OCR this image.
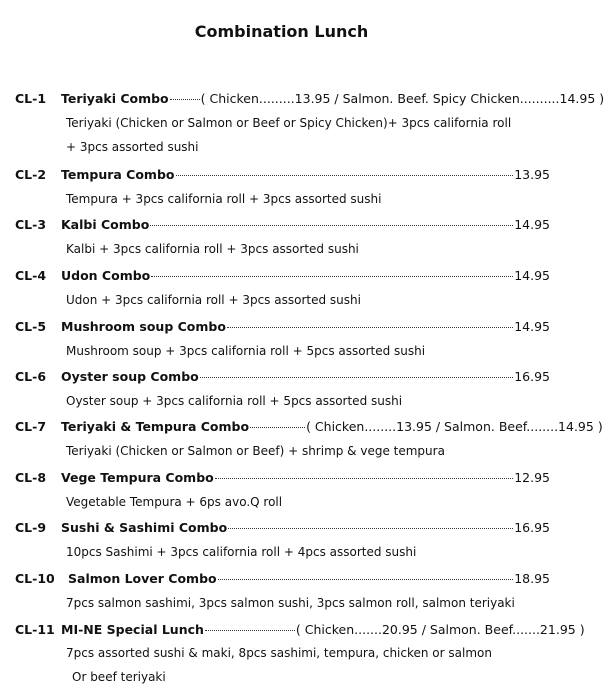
Combination Lunch
CL-1 Teriyaki Combo	( Chicken.........13.95 / Salmon. Beef. Spicy Chicken..........14.95 )
Teriyaki (Chicken or Salmon or Beef or Spicy Chicken)+ 3pcs california roll
+ 3pcs assorted sushi
CL-2 Tempura Combo	13.95
Tempura + 3pcs california roll + 3pcs assorted sushi
CL-3 Kalbi Combo	14.95
Kalbi + 3pcs california roll + 3pcs assorted sushi
CL-4 Udon Combo	14.95
Udon + 3pcs california roll + 3pcs assorted sushi
CL-5 Mushroom soup Combo	14.95
Mushroom soup + 3pcs california roll + 5pcs assorted sushi
CL-6 Oyster soup Combo	16.95
Oyster soup + 3pcs california roll + 5pcs assorted sushi
CL-7 Teriyaki & Tempura Combo	( Chicken........13.95 / Salmon. Beef........14.95 )
Teriyaki (Chicken or Salmon or Beef) + shrimp & vege tempura
CL-8 Vege Tempura Combo	12.95
Vegetable Tempura + 6ps avo.Q roll
CL-9 Sushi & Sashimi Combo	16.95
10pcs Sashimi + 3pcs california roll + 4pcs assorted sushi
CL-10 Salmon Lover Combo	18.95
7pcs salmon sashimi, 3pcs salmon sushi, 3pcs salmon roll, salmon teriyaki
CL-11 MI-NE Special Lunch	( Chicken.......20.95 / Salmon. Beef.......21.95 )
7pcs assorted sushi & maki, 8pcs sashimi, tempura, chicken or salmon
Or beef teriyaki
